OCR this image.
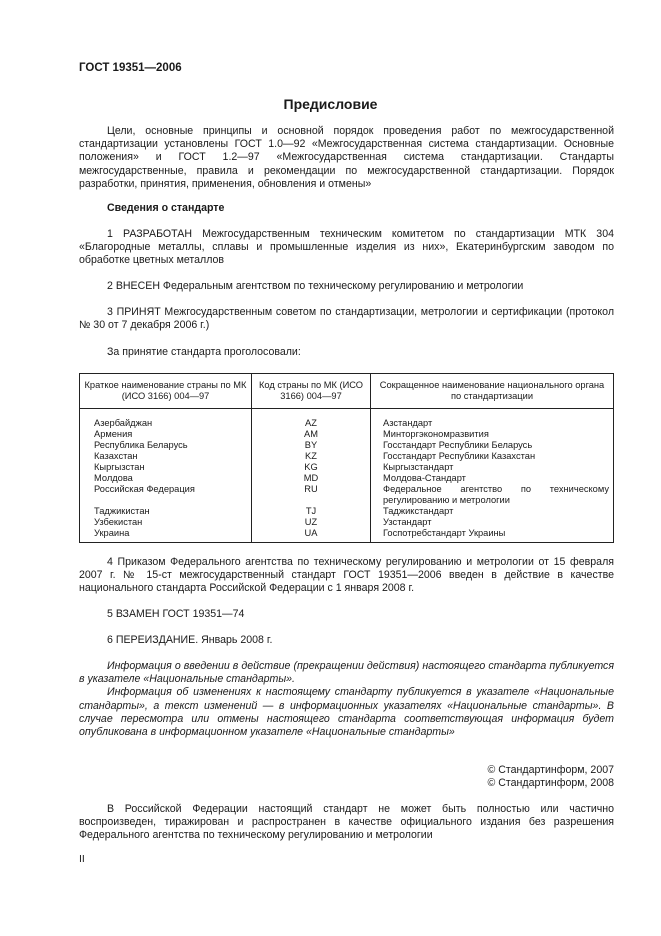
ГОСТ 19351—2006
Предисловие

Цели, основные принципы и основной порядок проведения работ по межгосударственной стандартизации установлены ГОСТ 1.0—92 «Межгосударственная система стандартизации. Основные положения» и ГОСТ 1.2—97 «Межгосударственная система стандартизации. Стандарты межгосударственные, правила и рекомендации по межгосударственной стандартизации. Порядок разработки, принятия, применения, обновления и отмены»

Сведения о стандарте

1 РАЗРАБОТАН Межгосударственным техническим комитетом по стандартизации МТК 304 «Благородные металлы, сплавы и промышленные изделия из них», Екатеринбургским заводом по обработке цветных металлов

2 ВНЕСЕН Федеральным агентством по техническому регулированию и метрологии

3 ПРИНЯТ Межгосударственным советом по стандартизации, метрологии и сертификации (протокол № 30 от 7 декабря 2006 г.)

За принятие стандарта проголосовали:

Краткое наименование страны по МК (ИСО 3166) 004—97	Код страны по МК (ИСО 3166) 004—97	Сокращенное наименование национального органа по стандартизации
Азербайджан	AZ	Азстандарт
Армения	AM	Минторгэкономразвития
Республика Беларусь	BY	Госстандарт Республики Беларусь
Казахстан	KZ	Госстандарт Республики Казахстан
Кыргызстан	KG	Кыргызстандарт
Молдова	MD	Молдова-Стандарт
Российская Федерация	RU	Федеральное агентство по техническому регулированию и метрологии
Таджикистан	TJ	Таджикстандарт
Узбекистан	UZ	Узстандарт
Украина	UA	Госпотребстандарт Украины

4 Приказом Федерального агентства по техническому регулированию и метрологии от 15 февраля 2007 г. № 15-ст межгосударственный стандарт ГОСТ 19351—2006 введен в действие в качестве национального стандарта Российской Федерации с 1 января 2008 г.

5 ВЗАМЕН ГОСТ 19351—74

6 ПЕРЕИЗДАНИЕ. Январь 2008 г.

Информация о введении в действие (прекращении действия) настоящего стандарта публикуется в указателе «Национальные стандарты».

Информация об изменениях к настоящему стандарту публикуется в указателе «Национальные стандарты», а текст изменений — в информационных указателях «Национальные стандарты». В случае пересмотра или отмены настоящего стандарта соответствующая информация будет опубликована в информационном указателе «Национальные стандарты»

© Стандартинформ, 2007
© Стандартинформ, 2008

В Российской Федерации настоящий стандарт не может быть полностью или частично воспроизведен, тиражирован и распространен в качестве официального издания без разрешения Федерального агентства по техническому регулированию и метрологии

II
